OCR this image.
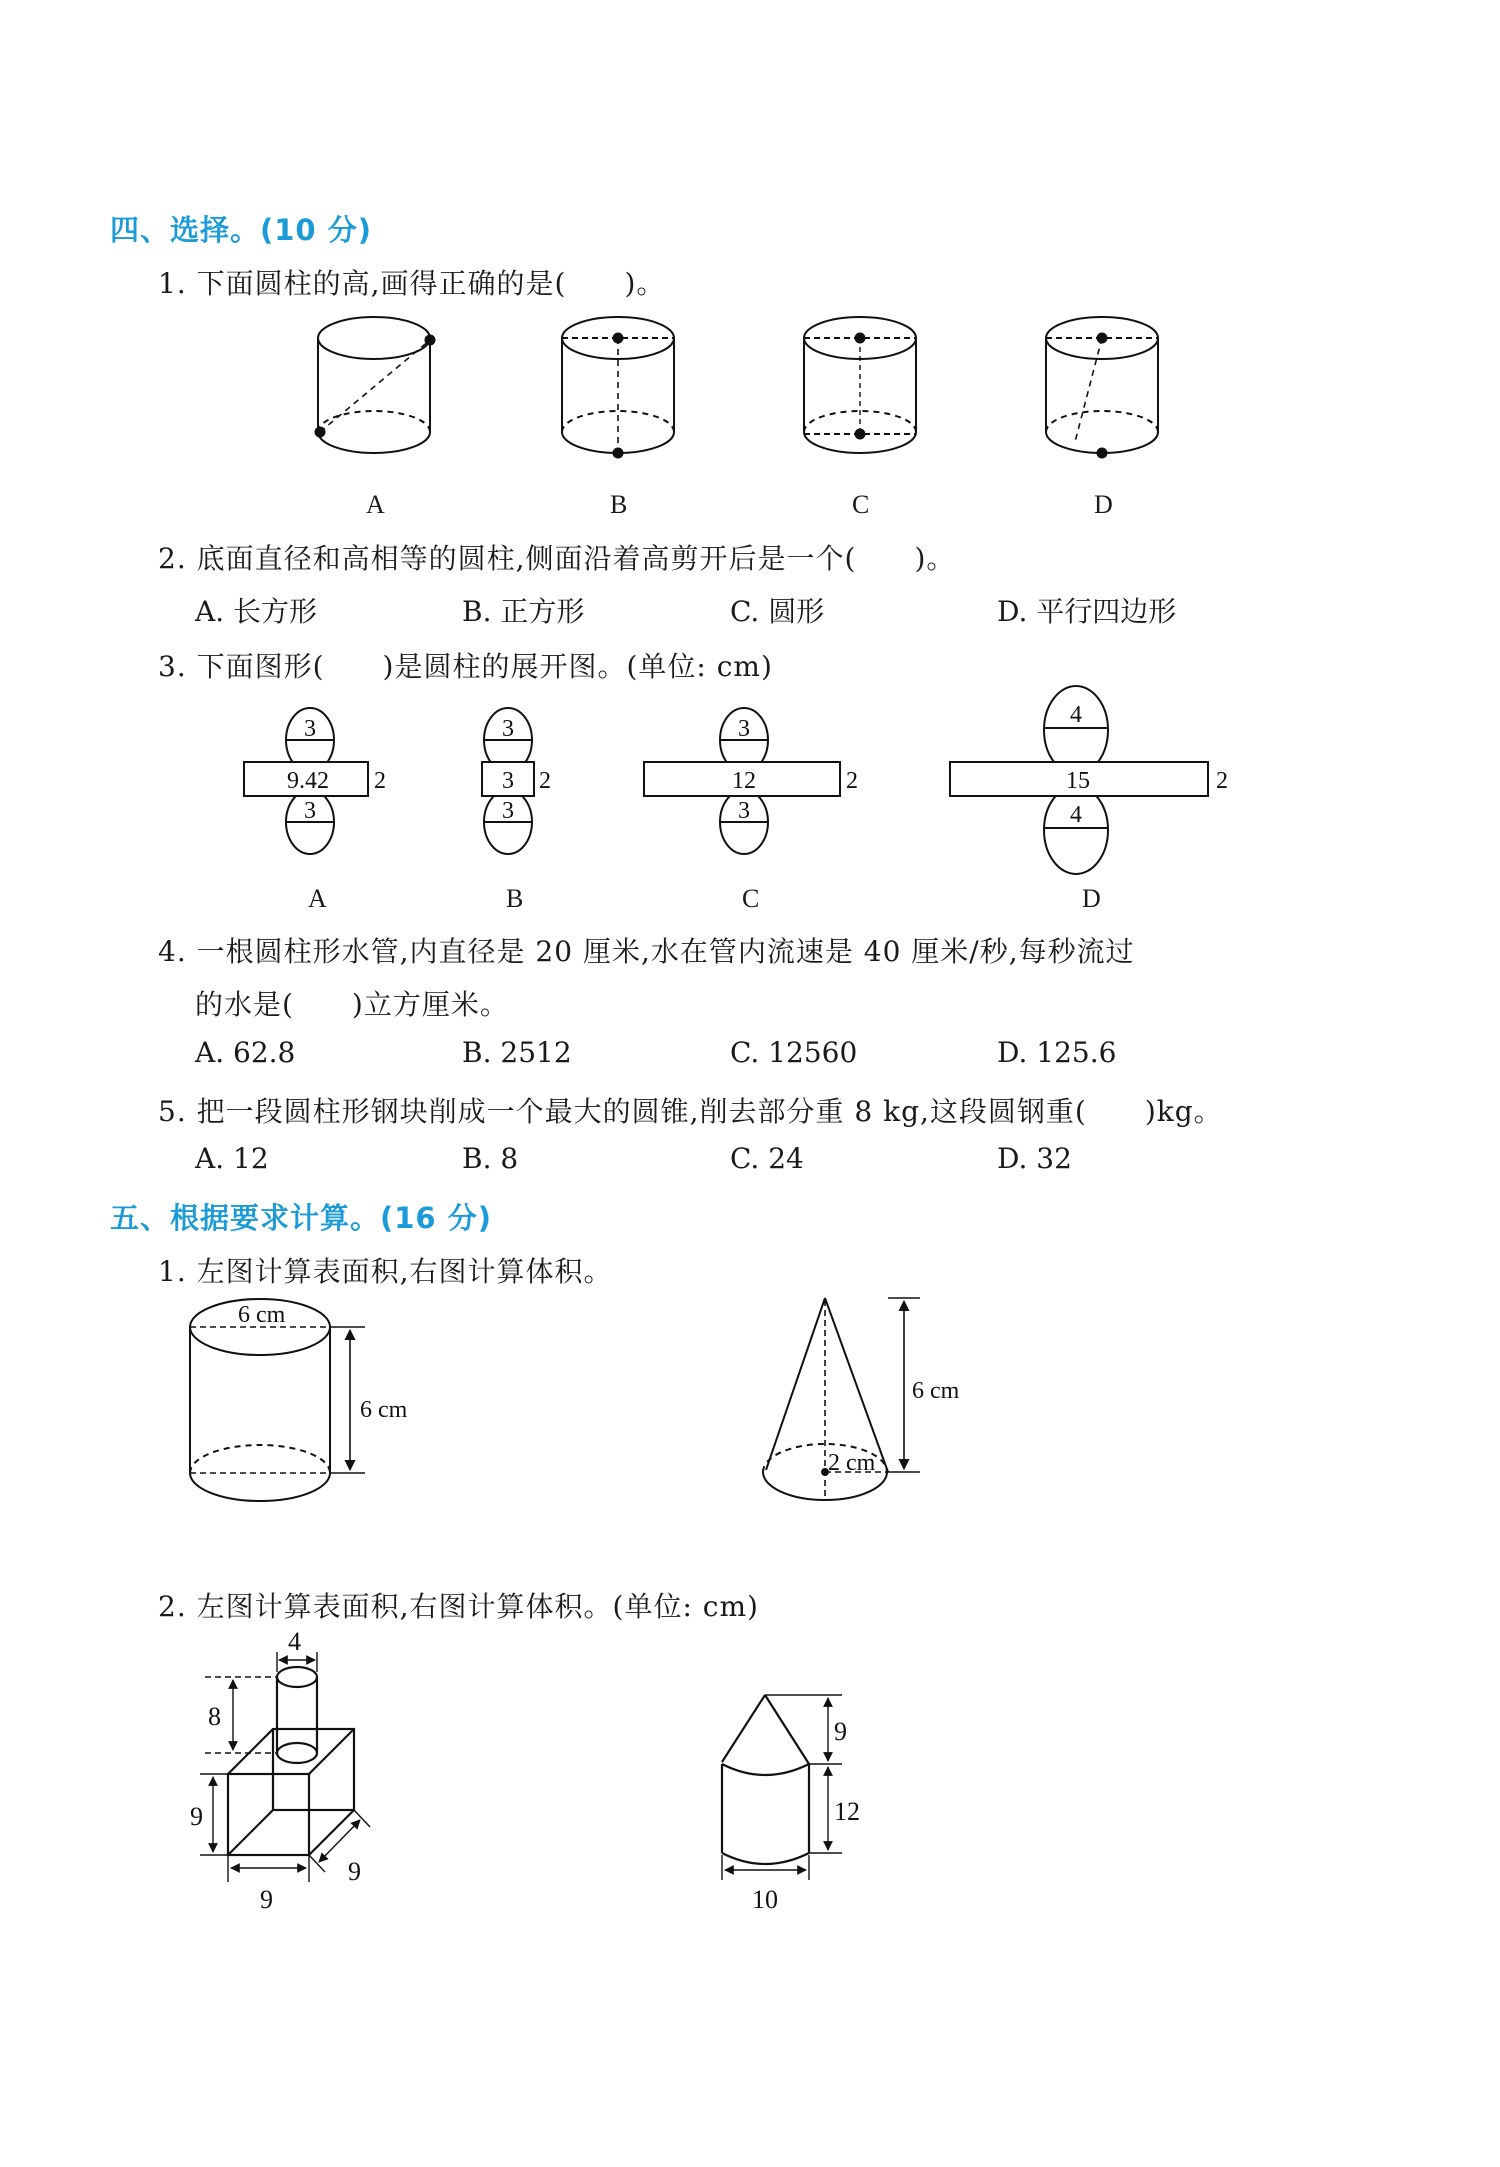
四、选择。(10 分)
1. 下面圆柱的高,画得正确的是(　　)。
A	B	C	D
2. 底面直径和高相等的圆柱,侧面沿着高剪开后是一个(　　)。
A. 长方形	B. 正方形	C. 圆形	D. 平行四边形
3. 下面图形(　　)是圆柱的展开图。(单位: cm)
3
9.42 2
3
3
3 2
3
3
12	2
3
4
15	2
4
A	B	C	D
4. 一根圆柱形水管,内直径是 20 厘米,水在管内流速是 40 厘米/秒,每秒流过
的水是(　　)立方厘米。
A. 62.8	B. 2512	C. 12560	D. 125.6
5. 把一段圆柱形钢块削成一个最大的圆锥,削去部分重 8 kg,这段圆钢重(　　)kg。
A. 12	B. 8	C. 24	D. 32
五、根据要求计算。(16 分)
1. 左图计算表面积,右图计算体积。
6 cm
6 cm
6 cm
2 cm
2. 左图计算表面积,右图计算体积。(单位: cm)
4
8
9
9
9
9
12
10
